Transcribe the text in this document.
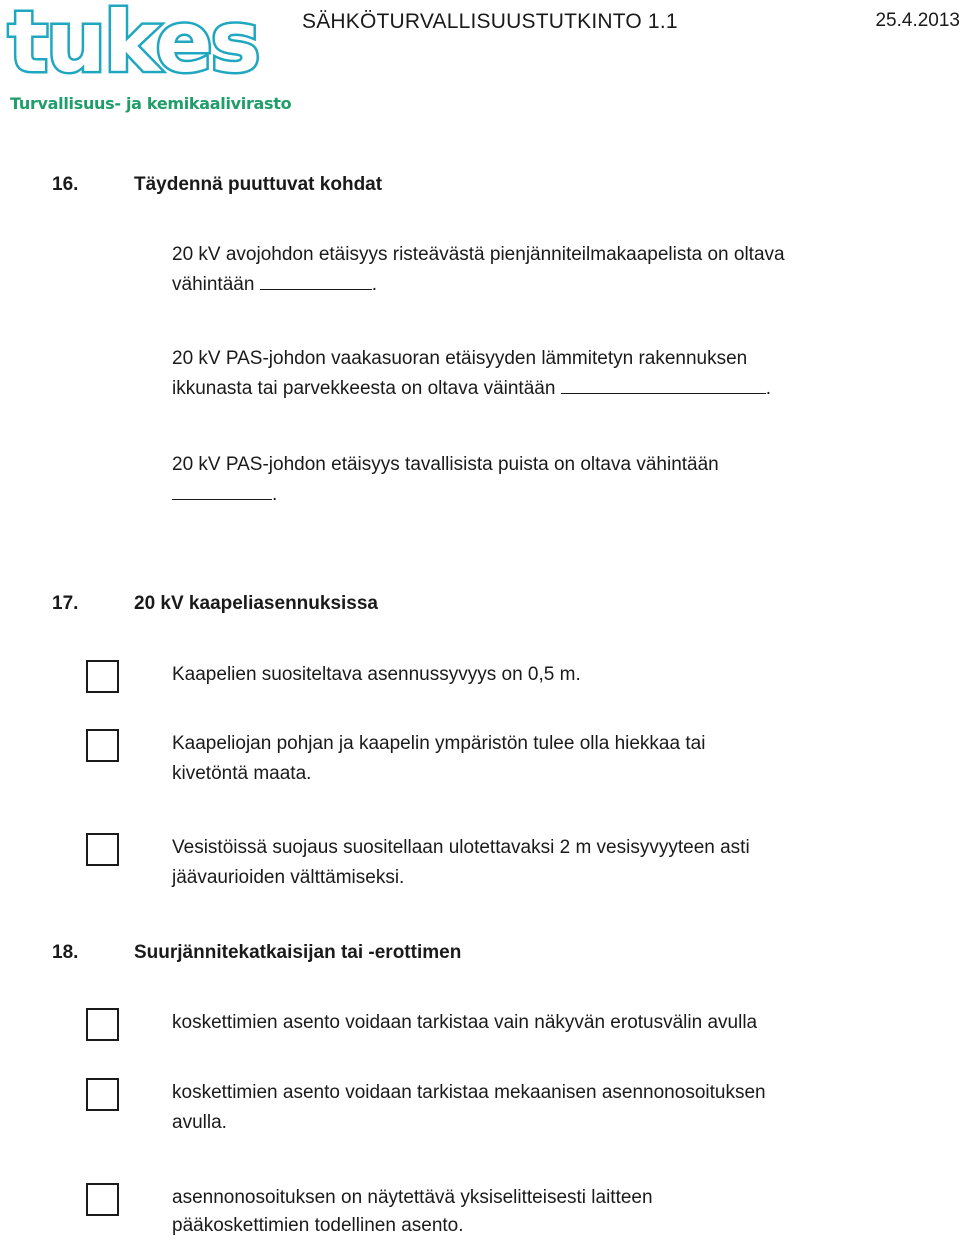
tukes
Turvallisuus- ja kemikaalivirasto
SÄHKÖTURVALLISUUSTUTKINTO 1.1	25.4.2013
16.	Täydennä puuttuvat kohdat
20 kV avojohdon etäisyys risteävästä pienjänniteilmakaapelista on oltava
vähintään	.
20 kV PAS-johdon vaakasuoran etäisyyden lämmitetyn rakennuksen
ikkunasta tai parvekkeesta on oltava väintään	.
20 kV PAS-johdon etäisyys tavallisista puista on oltava vähintään
.
17.	20 kV kaapeliasennuksissa
Kaapelien suositeltava asennussyvyys on 0,5 m.
Kaapeliojan pohjan ja kaapelin ympäristön tulee olla hiekkaa tai
kivetöntä maata.
Vesistöissä suojaus suositellaan ulotettavaksi 2 m vesisyvyyteen asti
jäävaurioiden välttämiseksi.
18.	Suurjännitekatkaisijan tai -erottimen
koskettimien asento voidaan tarkistaa vain näkyvän erotusvälin avulla
koskettimien asento voidaan tarkistaa mekaanisen asennonosoituksen
avulla.
asennonosoituksen on näytettävä yksiselitteisesti laitteen
pääkoskettimien todellinen asento.
